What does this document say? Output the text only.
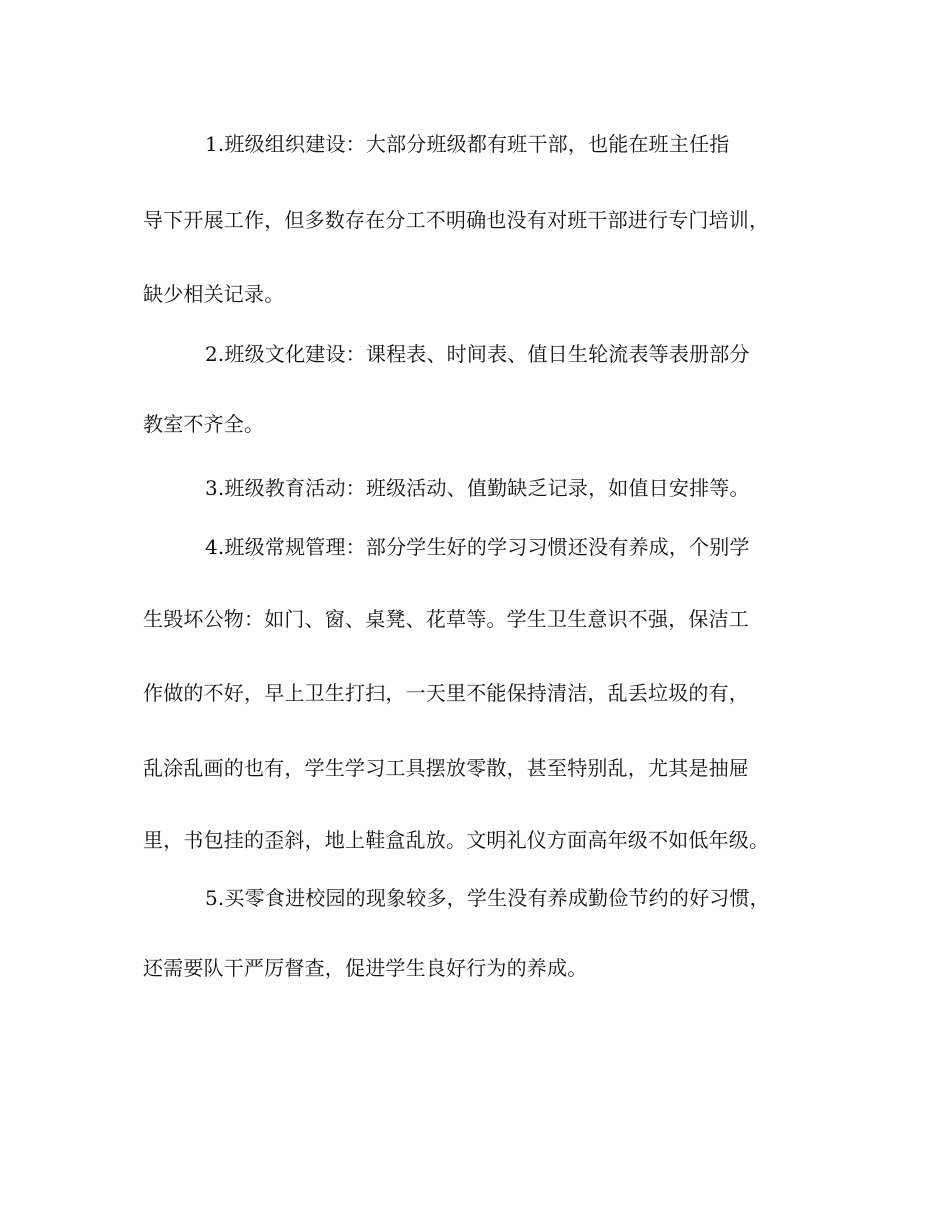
1.班级组织建设：大部分班级都有班干部，也能在班主任指
导下开展工作，但多数存在分工不明确也没有对班干部进行专门培训，
缺少相关记录。
2.班级文化建设：课程表、时间表、值日生轮流表等表册部分
教室不齐全。
3.班级教育活动：班级活动、值勤缺乏记录，如值日安排等。
4.班级常规管理：部分学生好的学习习惯还没有养成，个别学
生毁坏公物：如门、窗、桌凳、花草等。学生卫生意识不强，保洁工
作做的不好，早上卫生打扫，一天里不能保持清洁，乱丢垃圾的有，
乱涂乱画的也有，学生学习工具摆放零散，甚至特别乱，尤其是抽屉
里，书包挂的歪斜，地上鞋盒乱放。文明礼仪方面高年级不如低年级。
5.买零食进校园的现象较多，学生没有养成勤俭节约的好习惯，
还需要队干严厉督查，促进学生良好行为的养成。
